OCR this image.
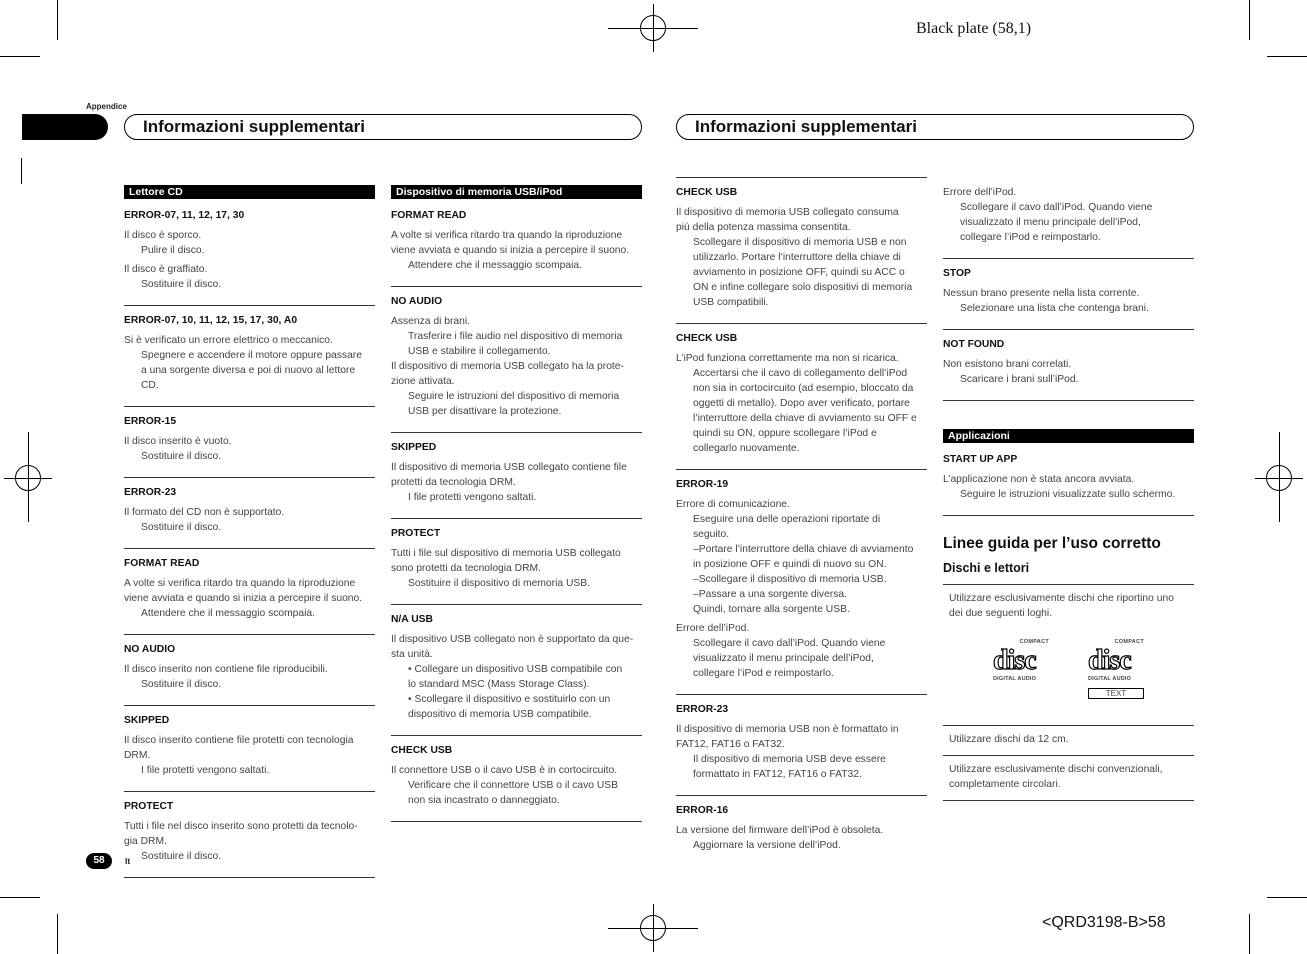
Black plate (58,1)
<QRD3198-B>58
Appendice
Informazioni supplementari	Informazioni supplementari
Lettore CD
ERROR-07, 11, 12, 17, 30

Il disco è sporco.

Pulire il disco.

Il disco è graffiato.

Sostituire il disco.

ERROR-07, 10, 11, 12, 15, 17, 30, A0

Si è verificato un errore elettrico o meccanico.

Spegnere e accendere il motore oppure passare

a una sorgente diversa e poi di nuovo al lettore

CD.

ERROR-15

Il disco inserito è vuoto.

Sostituire il disco.

ERROR-23

Il formato del CD non è supportato.

Sostituire il disco.

FORMAT READ

A volte si verifica ritardo tra quando la riproduzione

viene avviata e quando si inizia a percepire il suono.

Attendere che il messaggio scompaia.

NO AUDIO

Il disco inserito non contiene file riproducibili.

Sostituire il disco.

SKIPPED

Il disco inserito contiene file protetti con tecnologia

DRM.

I file protetti vengono saltati.

PROTECT

Tutti i file nel disco inserito sono protetti da tecnolo-

gia DRM.

Sostituire il disco.

Dispositivo di memoria USB/iPod
FORMAT READ

A volte si verifica ritardo tra quando la riproduzione

viene avviata e quando si inizia a percepire il suono.

Attendere che il messaggio scompaia.

NO AUDIO

Assenza di brani.

Trasferire i file audio nel dispositivo di memoria

USB e stabilire il collegamento.

Il dispositivo di memoria USB collegato ha la prote-

zione attivata.

Seguire le istruzioni del dispositivo di memoria

USB per disattivare la protezione.

SKIPPED

Il dispositivo di memoria USB collegato contiene file

protetti da tecnologia DRM.

I file protetti vengono saltati.

PROTECT

Tutti i file sul dispositivo di memoria USB collegato

sono protetti da tecnologia DRM.

Sostituire il dispositivo di memoria USB.

N/A USB

Il dispositivo USB collegato non è supportato da que-

sta unità.

• Collegare un dispositivo USB compatibile con

lo standard MSC (Mass Storage Class).

• Scollegare il dispositivo e sostituirlo con un

dispositivo di memoria USB compatibile.

CHECK USB

Il connettore USB o il cavo USB è in cortocircuito.

Verificare che il connettore USB o il cavo USB

non sia incastrato o danneggiato.

CHECK USB

Il dispositivo di memoria USB collegato consuma

più della potenza massima consentita.

Scollegare il dispositivo di memoria USB e non

utilizzarlo. Portare l’interruttore della chiave di

avviamento in posizione OFF, quindi su ACC o

ON e infine collegare solo dispositivi di memoria

USB compatibili.

CHECK USB

L’iPod funziona correttamente ma non si ricarica.

Accertarsi che il cavo di collegamento dell’iPod

non sia in cortocircuito (ad esempio, bloccato da

oggetti di metallo). Dopo aver verificato, portare

l’interruttore della chiave di avviamento su OFF e

quindi su ON, oppure scollegare l’iPod e

collegarlo nuovamente.

ERROR-19

Errore di comunicazione.

Eseguire una delle operazioni riportate di

seguito.

–Portare l’interruttore della chiave di avviamento

in posizione OFF e quindi di nuovo su ON.

–Scollegare il dispositivo di memoria USB.

–Passare a una sorgente diversa.

Quindi, tornare alla sorgente USB.

Errore dell’iPod.

Scollegare il cavo dall’iPod. Quando viene

visualizzato il menu principale dell’iPod,

collegare l’iPod e reimpostarlo.

ERROR-23

Il dispositivo di memoria USB non è formattato in

FAT12, FAT16 o FAT32.

Il dispositivo di memoria USB deve essere

formattato in FAT12, FAT16 o FAT32.

ERROR-16

La versione del firmware dell’iPod è obsoleta.

Aggiornare la versione dell’iPod.

Errore dell’iPod.

Scollegare il cavo dall’iPod. Quando viene

visualizzato il menu principale dell’iPod,

collegare l’iPod e reimpostarlo.

STOP

Nessun brano presente nella lista corrente.

Selezionare una lista che contenga brani.

NOT FOUND

Non esistono brani correlati.

Scaricare i brani sull’iPod.

Applicazioni
START UP APP

L’applicazione non è stata ancora avviata.

Seguire le istruzioni visualizzate sullo schermo.

Linee guida per l’uso corretto
Dischi e lettori

Utilizzare esclusivamente dischi che riportino uno dei due seguenti loghi.

COMPACT
disc
DIGITAL AUDIO
COMPACT
disc
DIGITAL AUDIO
TEXT

Utilizzare dischi da 12 cm.

Utilizzare esclusivamente dischi convenzionali, completamente circolari.

58	It
